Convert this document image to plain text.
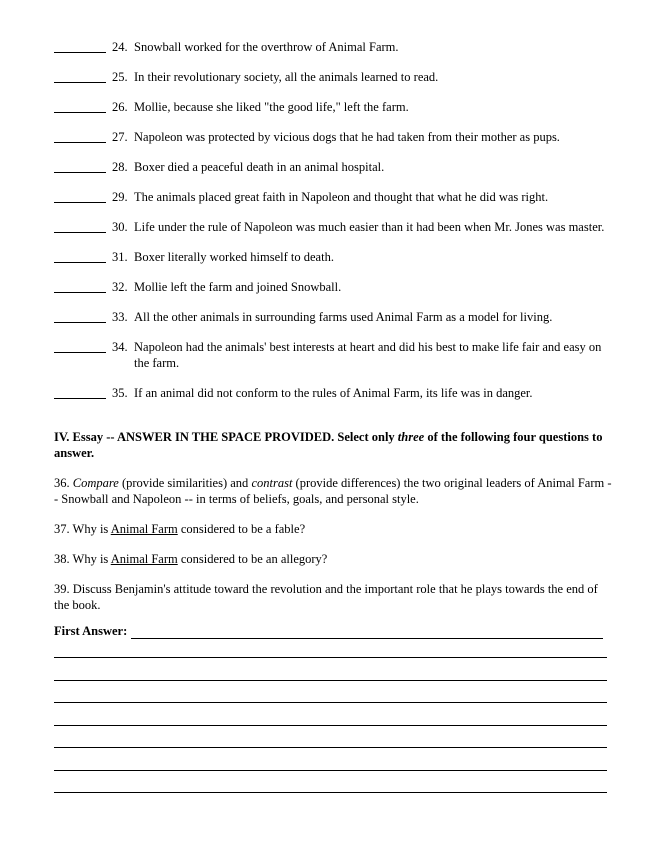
24. Snowball worked for the overthrow of Animal Farm.
25. In their revolutionary society, all the animals learned to read.
26. Mollie, because she liked "the good life," left the farm.
27. Napoleon was protected by vicious dogs that he had taken from their mother as pups.
28. Boxer died a peaceful death in an animal hospital.
29. The animals placed great faith in Napoleon and thought that what he did was right.
30. Life under the rule of Napoleon was much easier than it had been when Mr. Jones was master.
31. Boxer literally worked himself to death.
32. Mollie left the farm and joined Snowball.
33. All the other animals in surrounding farms used Animal Farm as a model for living.
34. Napoleon had the animals' best interests at heart and did his best to make life fair and easy on the farm.
35. If an animal did not conform to the rules of Animal Farm, its life was in danger.
IV. Essay -- ANSWER IN THE SPACE PROVIDED. Select only three of the following four questions to answer.
36. Compare (provide similarities) and contrast (provide differences) the two original leaders of Animal Farm -- Snowball and Napoleon -- in terms of beliefs, goals, and personal style.
37. Why is Animal Farm considered to be a fable?
38. Why is Animal Farm considered to be an allegory?
39. Discuss Benjamin's attitude toward the revolution and the important role that he plays towards the end of the book.
First Answer:
